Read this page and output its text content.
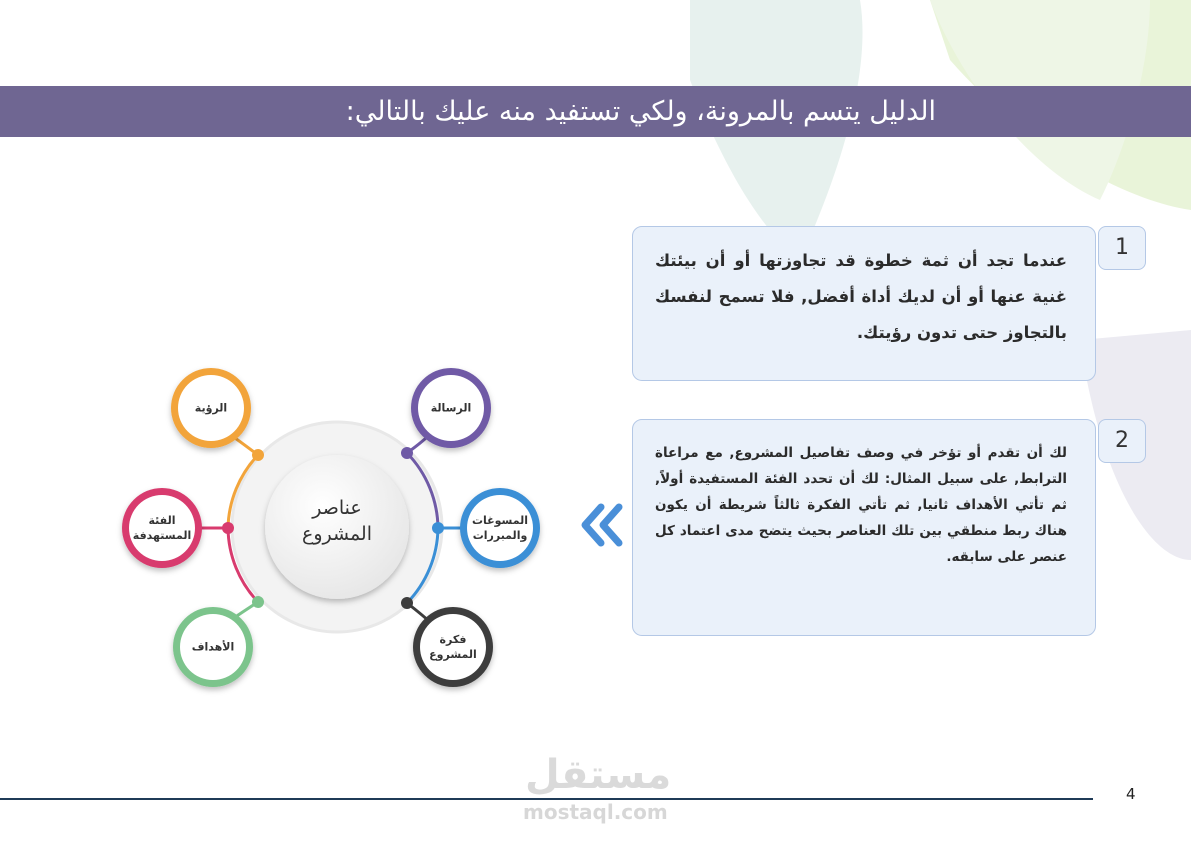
الدليل يتسم بالمرونة، ولكي تستفيد منه عليك بالتالي:
عندما تجد أن ثمة خطوة قد تجاوزتها أو أن بيئتك غنية عنها أو أن لديك أداة أفضل, فلا تسمح لنفسك بالتجاوز حتى تدون رؤيتك.
1
لك أن تقدم أو تؤخر في وصف تفاصيل المشروع, مع مراعاة الترابط, على سبيل المثال: لك أن تحدد الفئة المستفيدة أولاً, ثم تأتي الأهداف ثانيا, ثم تأتي الفكرة ثالثاً شريطة أن يكون هناك ربط منطقي بين تلك العناصر بحيث يتضح مدى اعتماد كل عنصر على سابقه.
2
عناصر
المشروع
الرؤية	الرسالة
الفئة
المستهدفة
المسوغات
والمبررات
الأهداف
فكرة
المشروع
مستقل
mostaql.com
4
